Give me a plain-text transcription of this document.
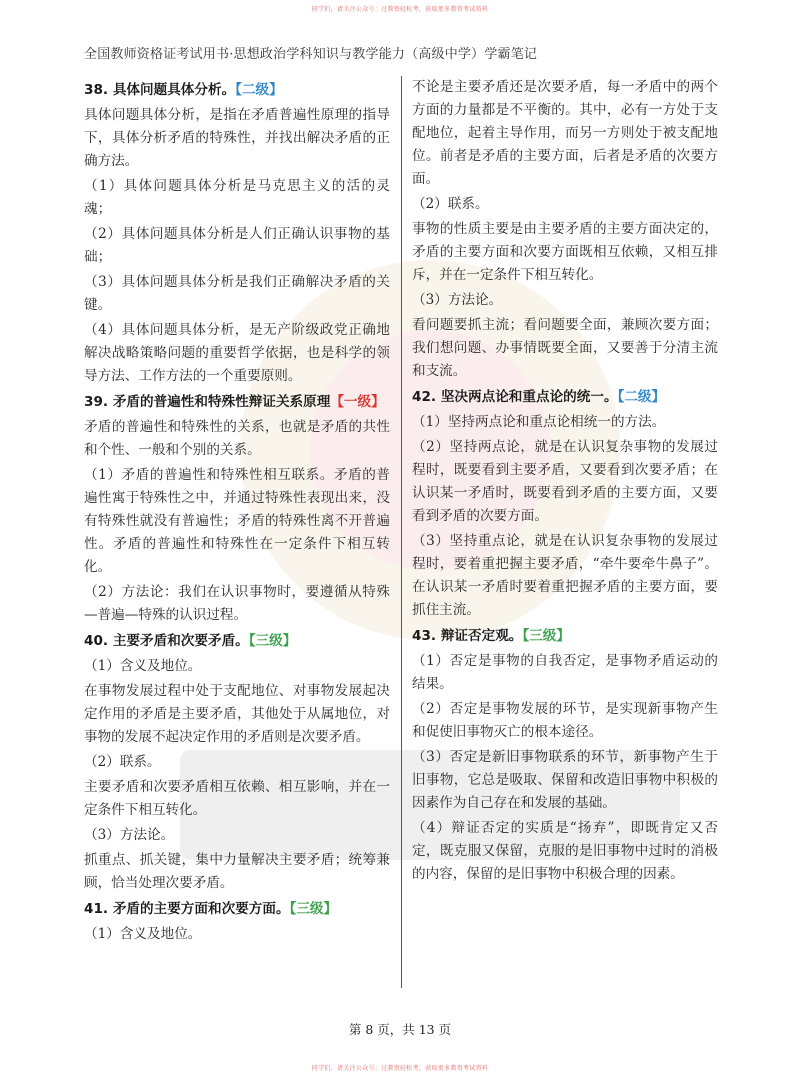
同学们，请关注公众号：过教资轻松考，获取更多教资考试资料
全国教师资格证考试用书·思想政治学科知识与教学能力（高级中学）学霸笔记
38. 具体问题具体分析。【二级】

具体问题具体分析，是指在矛盾普遍性原理的指导下，具体分析矛盾的特殊性，并找出解决矛盾的正确方法。

（1）具体问题具体分析是马克思主义的活的灵魂；

（2）具体问题具体分析是人们正确认识事物的基础；

（3）具体问题具体分析是我们正确解决矛盾的关键。

（4）具体问题具体分析，是无产阶级政党正确地解决战略策略问题的重要哲学依据，也是科学的领导方法、工作方法的一个重要原则。

39. 矛盾的普遍性和特殊性辩证关系原理【一级】

矛盾的普遍性和特殊性的关系，也就是矛盾的共性和个性、一般和个别的关系。

（1）矛盾的普遍性和特殊性相互联系。矛盾的普遍性寓于特殊性之中，并通过特殊性表现出来，没有特殊性就没有普遍性；矛盾的特殊性离不开普遍性。矛盾的普遍性和特殊性在一定条件下相互转化。

（2）方法论：我们在认识事物时，要遵循从特殊—普遍—特殊的认识过程。

40. 主要矛盾和次要矛盾。【三级】

（1）含义及地位。

在事物发展过程中处于支配地位、对事物发展起决定作用的矛盾是主要矛盾，其他处于从属地位，对事物的发展不起决定作用的矛盾则是次要矛盾。

（2）联系。

主要矛盾和次要矛盾相互依赖、相互影响，并在一定条件下相互转化。

（3）方法论。

抓重点、抓关键，集中力量解决主要矛盾；统筹兼顾，恰当处理次要矛盾。

41. 矛盾的主要方面和次要方面。【三级】

（1）含义及地位。

不论是主要矛盾还是次要矛盾，每一矛盾中的两个方面的力量都是不平衡的。其中，必有一方处于支配地位，起着主导作用，而另一方则处于被支配地位。前者是矛盾的主要方面，后者是矛盾的次要方面。

（2）联系。

事物的性质主要是由主要矛盾的主要方面决定的，矛盾的主要方面和次要方面既相互依赖，又相互排斥，并在一定条件下相互转化。

（3）方法论。

看问题要抓主流；看问题要全面，兼顾次要方面；我们想问题、办事情既要全面，又要善于分清主流和支流。

42. 坚决两点论和重点论的统一。【二级】

（1）坚持两点论和重点论相统一的方法。

（2）坚持两点论，就是在认识复杂事物的发展过程时，既要看到主要矛盾，又要看到次要矛盾；在认识某一矛盾时，既要看到矛盾的主要方面，又要看到矛盾的次要方面。

（3）坚持重点论，就是在认识复杂事物的发展过程时，要着重把握主要矛盾，“牵牛要牵牛鼻子”。在认识某一矛盾时要着重把握矛盾的主要方面，要抓住主流。

43. 辩证否定观。【三级】

（1）否定是事物的自我否定，是事物矛盾运动的结果。

（2）否定是事物发展的环节，是实现新事物产生和促使旧事物灭亡的根本途径。

（3）否定是新旧事物联系的环节，新事物产生于旧事物，它总是吸取、保留和改造旧事物中积极的因素作为自己存在和发展的基础。

（4）辩证否定的实质是“扬弃”，即既肯定又否定，既克服又保留，克服的是旧事物中过时的消极的内容，保留的是旧事物中积极合理的因素。

第 8 页，共 13 页
同学们，请关注公众号：过教资轻松考，获取更多教资考试资料
